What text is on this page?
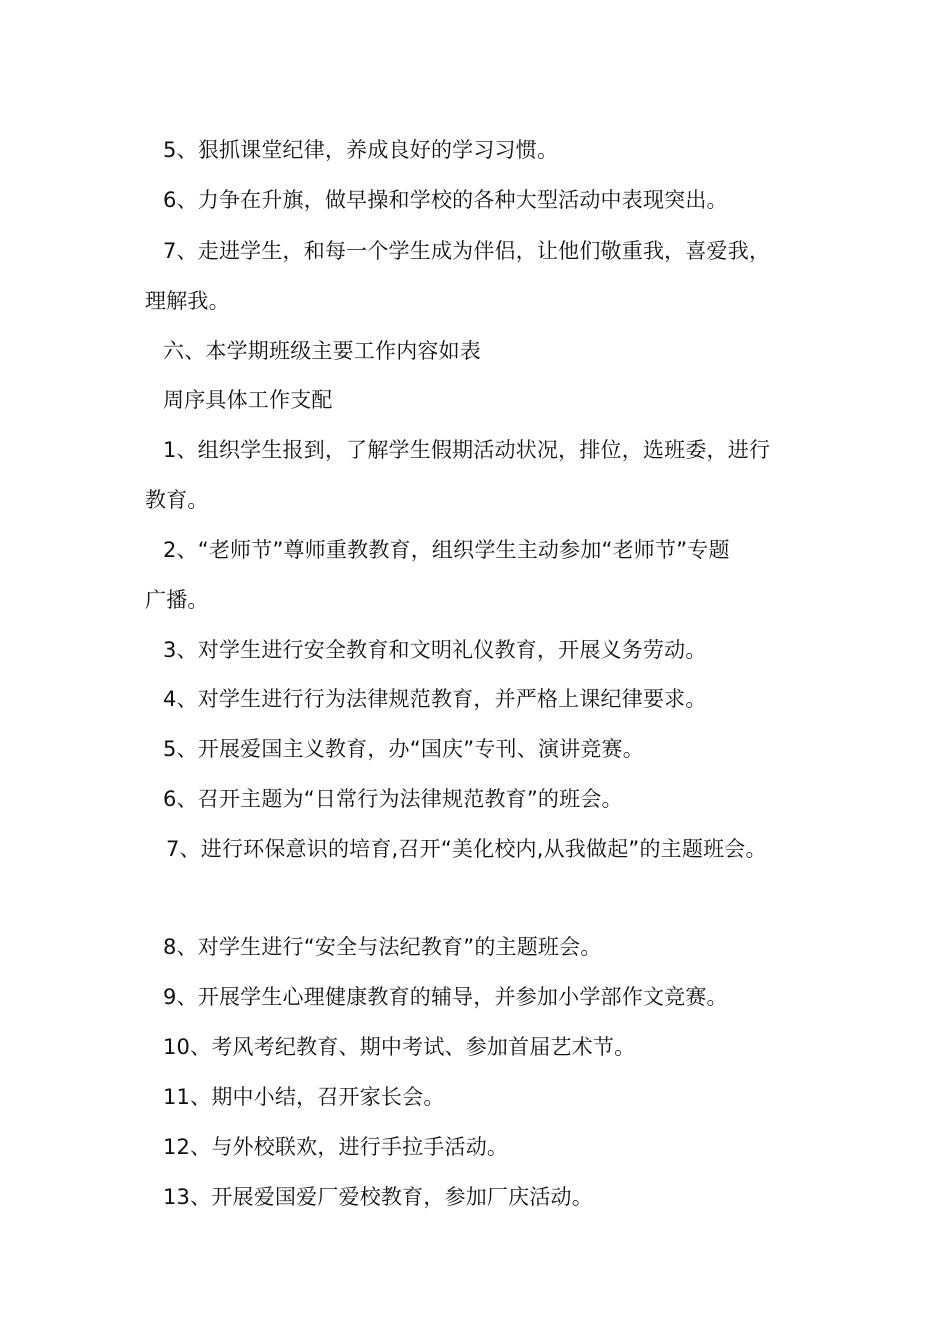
5、狠抓课堂纪律，养成良好的学习习惯。
6、力争在升旗，做早操和学校的各种大型活动中表现突出。
7、走进学生，和每一个学生成为伴侣，让他们敬重我，喜爱我，
理解我。
六、本学期班级主要工作内容如表
周序具体工作支配
1、组织学生报到，了解学生假期活动状况，排位，选班委，进行
教育。
2、“老师节”尊师重教教育，组织学生主动参加“老师节”专题
广播。
3、对学生进行安全教育和文明礼仪教育，开展义务劳动。
4、对学生进行行为法律规范教育，并严格上课纪律要求。
5、开展爱国主义教育，办“国庆”专刊、演讲竞赛。
6、召开主题为“日常行为法律规范教育”的班会。
7、进行环保意识的培育,召开“美化校内,从我做起”的主题班会。
8、对学生进行“安全与法纪教育”的主题班会。
9、开展学生心理健康教育的辅导，并参加小学部作文竞赛。
10、考风考纪教育、期中考试、参加首届艺术节。
11、期中小结，召开家长会。
12、与外校联欢，进行手拉手活动。
13、开展爱国爱厂爱校教育，参加厂庆活动。
